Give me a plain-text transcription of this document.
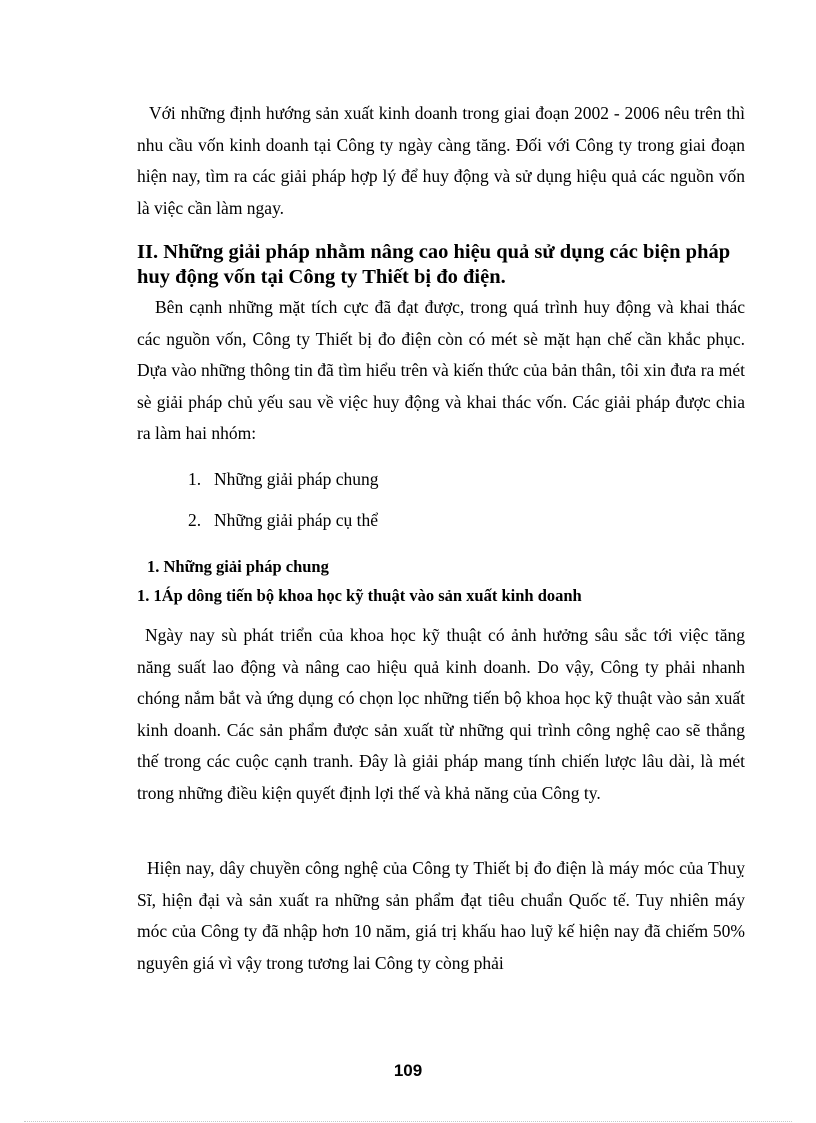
Với những định hướng sản xuất kinh doanh trong giai đoạn 2002 - 2006 nêu trên thì nhu cầu vốn kinh doanh tại Công ty ngày càng tăng. Đối với Công ty trong giai đoạn hiện nay, tìm ra các giải pháp hợp lý để huy động và sử dụng hiệu quả các nguồn vốn là việc cần làm ngay.

II. Những giải pháp nhằm nâng cao hiệu quả sử dụng các biện pháp huy động vốn tại Công ty Thiết bị đo điện.

Bên cạnh những mặt tích cực đã đạt được, trong quá trình huy động và khai thác các nguồn vốn, Công ty Thiết bị đo điện còn có mét sè mặt hạn chế cần khắc phục. Dựa vào những thông tin đã tìm hiểu trên và kiến thức của bản thân, tôi xin đưa ra mét sè giải pháp chủ yếu sau về việc huy động và khai thác vốn. Các giải pháp được chia ra làm hai nhóm:

1. Những giải pháp chung
2. Những giải pháp cụ thể
1. Những giải pháp chung
1. 1Áp dông tiến bộ khoa học kỹ thuật vào sản xuất kinh doanh

Ngày nay sù phát triển của khoa học kỹ thuật có ảnh hưởng sâu sắc tới việc tăng năng suất lao động và nâng cao hiệu quả kinh doanh. Do vậy, Công ty phải nhanh chóng nắm bắt và ứng dụng có chọn lọc những tiến bộ khoa học kỹ thuật vào sản xuất kinh doanh. Các sản phẩm được sản xuất từ những qui trình công nghệ cao sẽ thắng thế trong các cuộc cạnh tranh. Đây là giải pháp mang tính chiến lược lâu dài, là mét trong những điều kiện quyết định lợi thế và khả năng của Công ty.

Hiện nay, dây chuyền công nghệ của Công ty Thiết bị đo điện là máy móc của Thuỵ Sĩ, hiện đại và sản xuất ra những sản phẩm đạt tiêu chuẩn Quốc tế. Tuy nhiên máy móc của Công ty đã nhập hơn 10 năm, giá trị khấu hao luỹ kế hiện nay đã chiếm 50% nguyên giá vì vậy trong tương lai Công ty còng phải

109
